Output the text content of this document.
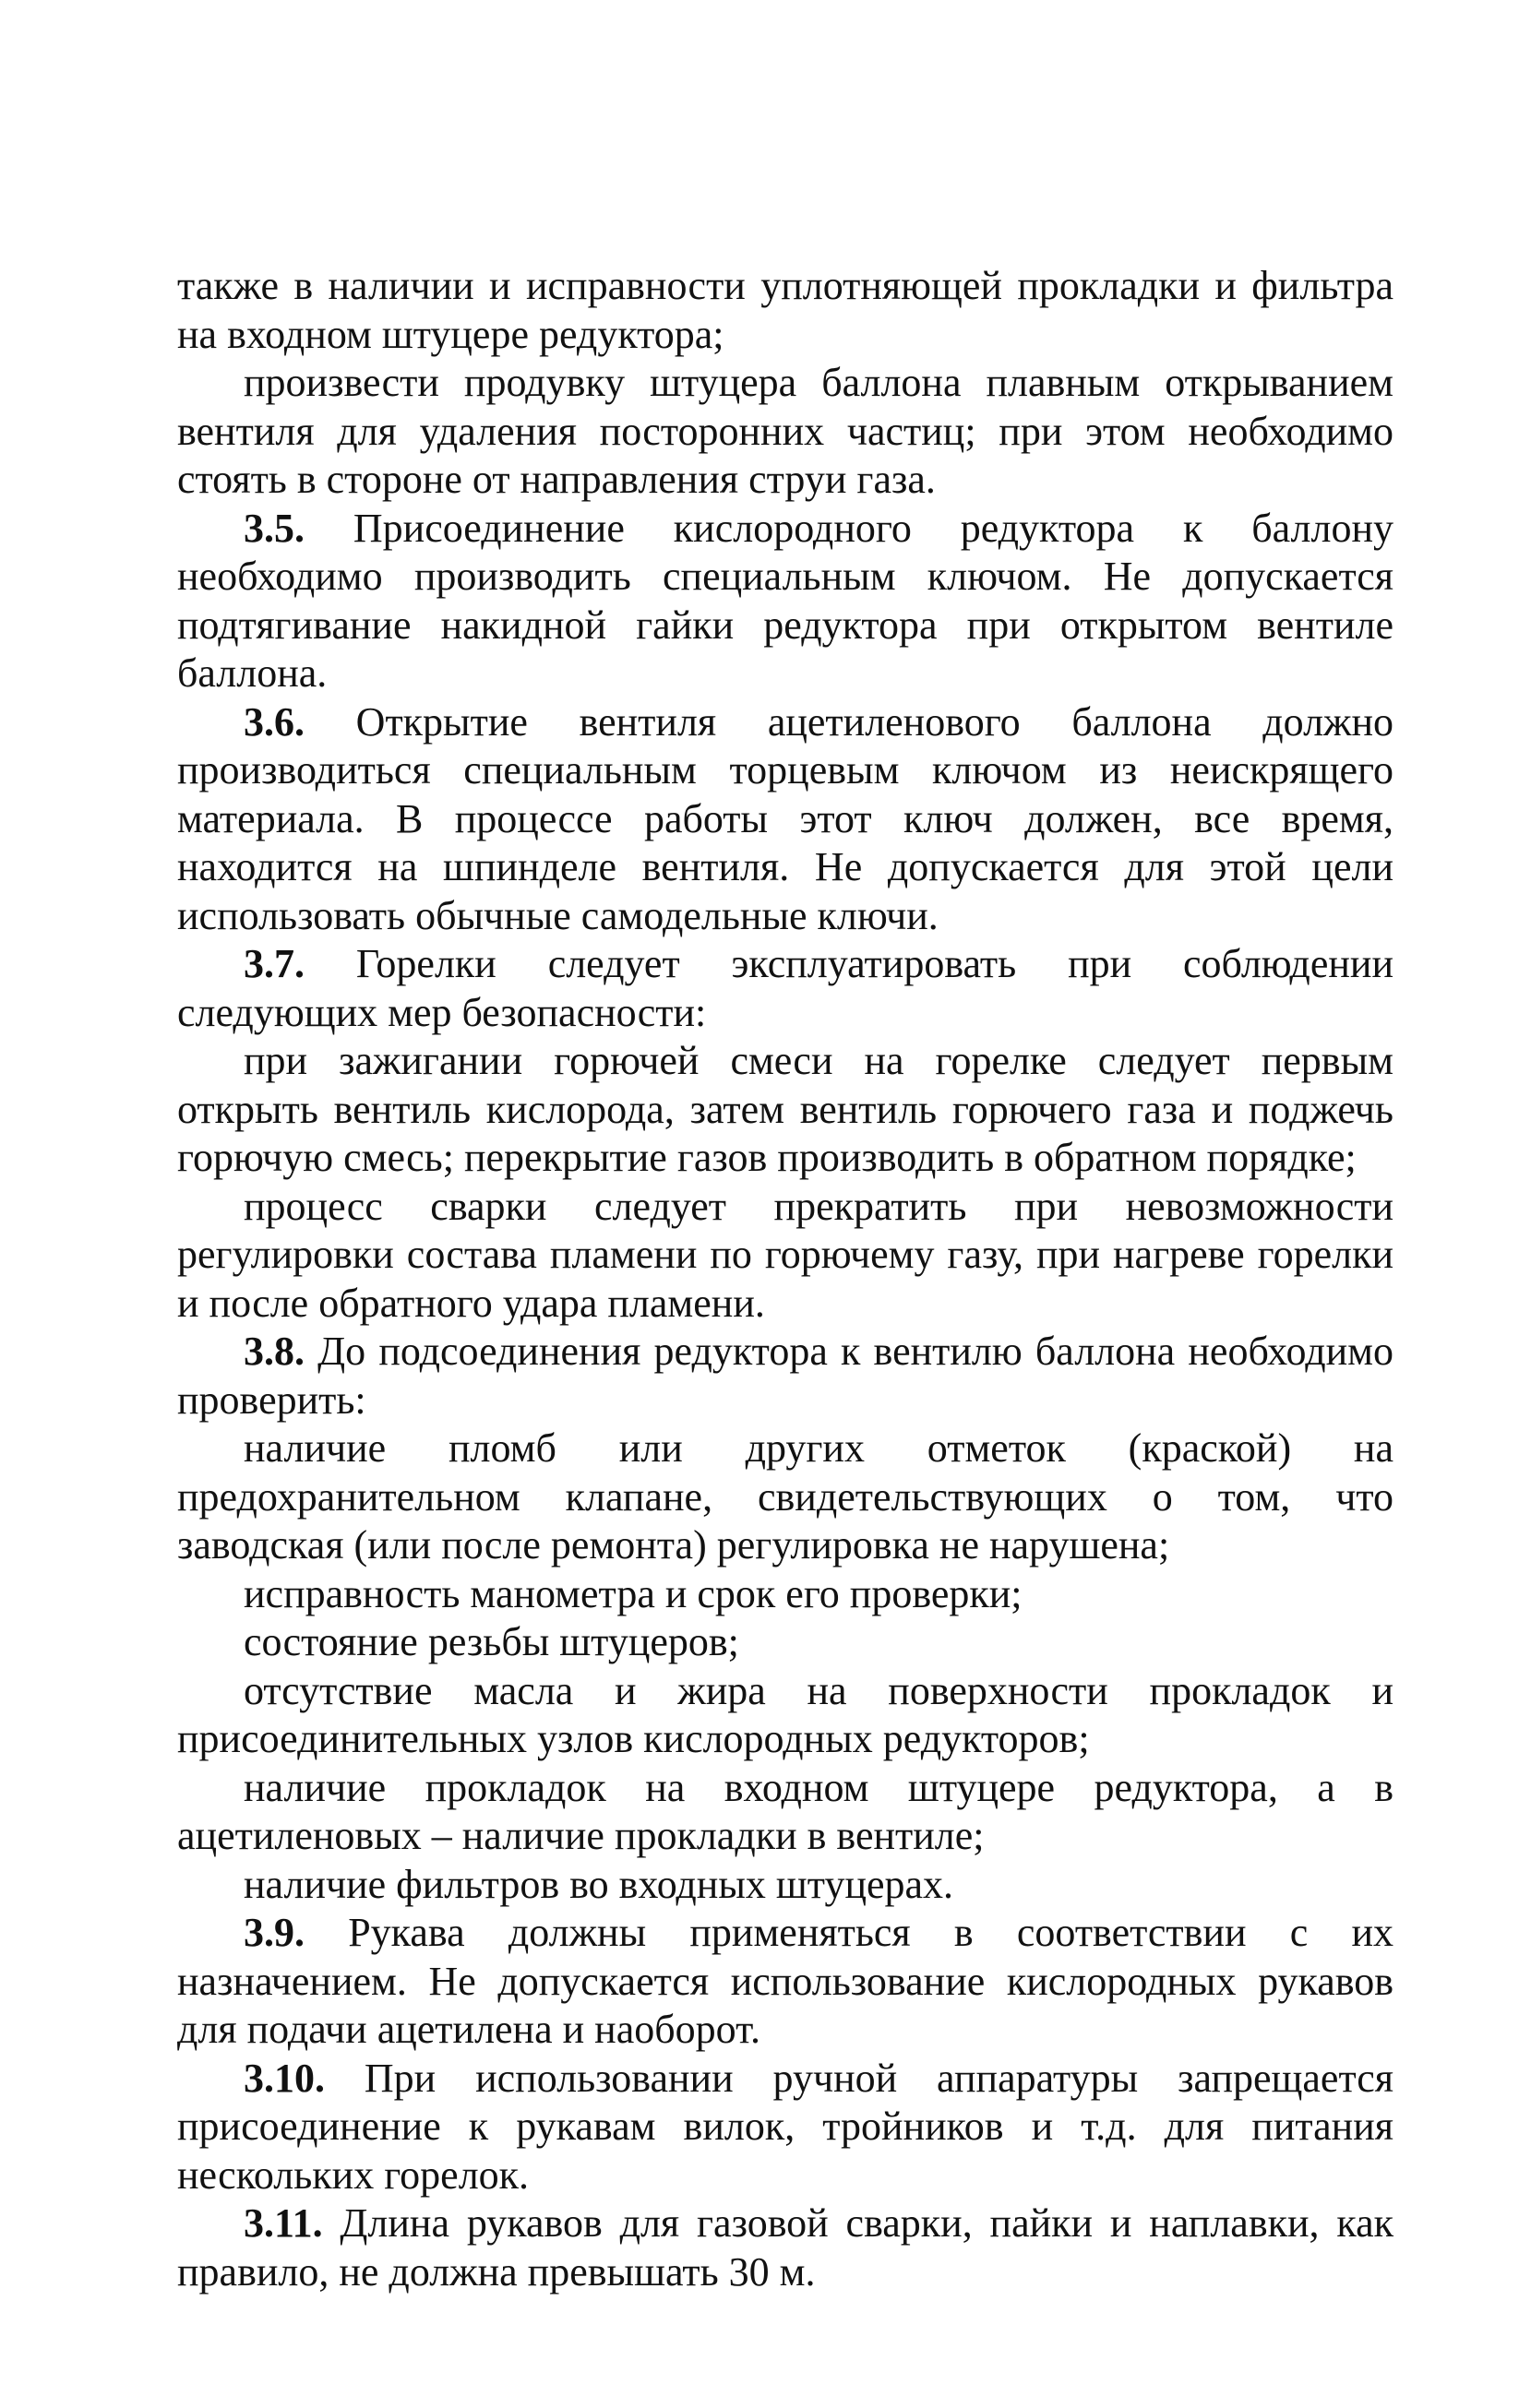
также в наличии и исправности уплотняющей прокладки и фильтра на входном штуцере редуктора;

произвести продувку штуцера баллона плавным открыванием вентиля для удаления посторонних частиц; при этом необходимо стоять в стороне от направления струи газа.

3.5. Присоединение кислородного редуктора к баллону необходимо производить специальным ключом. Не допускается подтягивание накидной гайки редуктора при открытом вентиле баллона.

3.6. Открытие вентиля ацетиленового баллона должно производиться специальным торцевым ключом из неискрящего материала. В процессе работы этот ключ должен, все время, находится на шпинделе вентиля. Не допускается для этой цели использовать обычные самодельные ключи.

3.7. Горелки следует эксплуатировать при соблюдении следующих мер безопасности:

при зажигании горючей смеси на горелке следует первым открыть вентиль кислорода, затем вентиль горючего газа и поджечь горючую смесь; перекрытие газов производить в обратном порядке;

процесс сварки следует прекратить при невозможности регулировки состава пламени по горючему газу, при нагреве горелки и после обратного удара пламени.

3.8. До подсоединения редуктора к вентилю баллона необходимо проверить:

наличие пломб или других отметок (краской) на предохранительном клапане, свидетельствующих о том, что заводская (или после ремонта) регулировка не нарушена;

исправность манометра и срок его проверки;

состояние резьбы штуцеров;

отсутствие масла и жира на поверхности прокладок и присоединительных узлов кислородных редукторов;

наличие прокладок на входном штуцере редуктора, а в ацетиленовых – наличие прокладки в вентиле;

наличие фильтров во входных штуцерах.

3.9. Рукава должны применяться в соответствии с их назначением. Не допускается использование кислородных рукавов для подачи ацетилена и наоборот.

3.10. При использовании ручной аппаратуры запрещается присоединение к рукавам вилок, тройников и т.д. для питания нескольких горелок.

3.11. Длина рукавов для газовой сварки, пайки и наплавки, как правило, не должна превышать 30 м.
